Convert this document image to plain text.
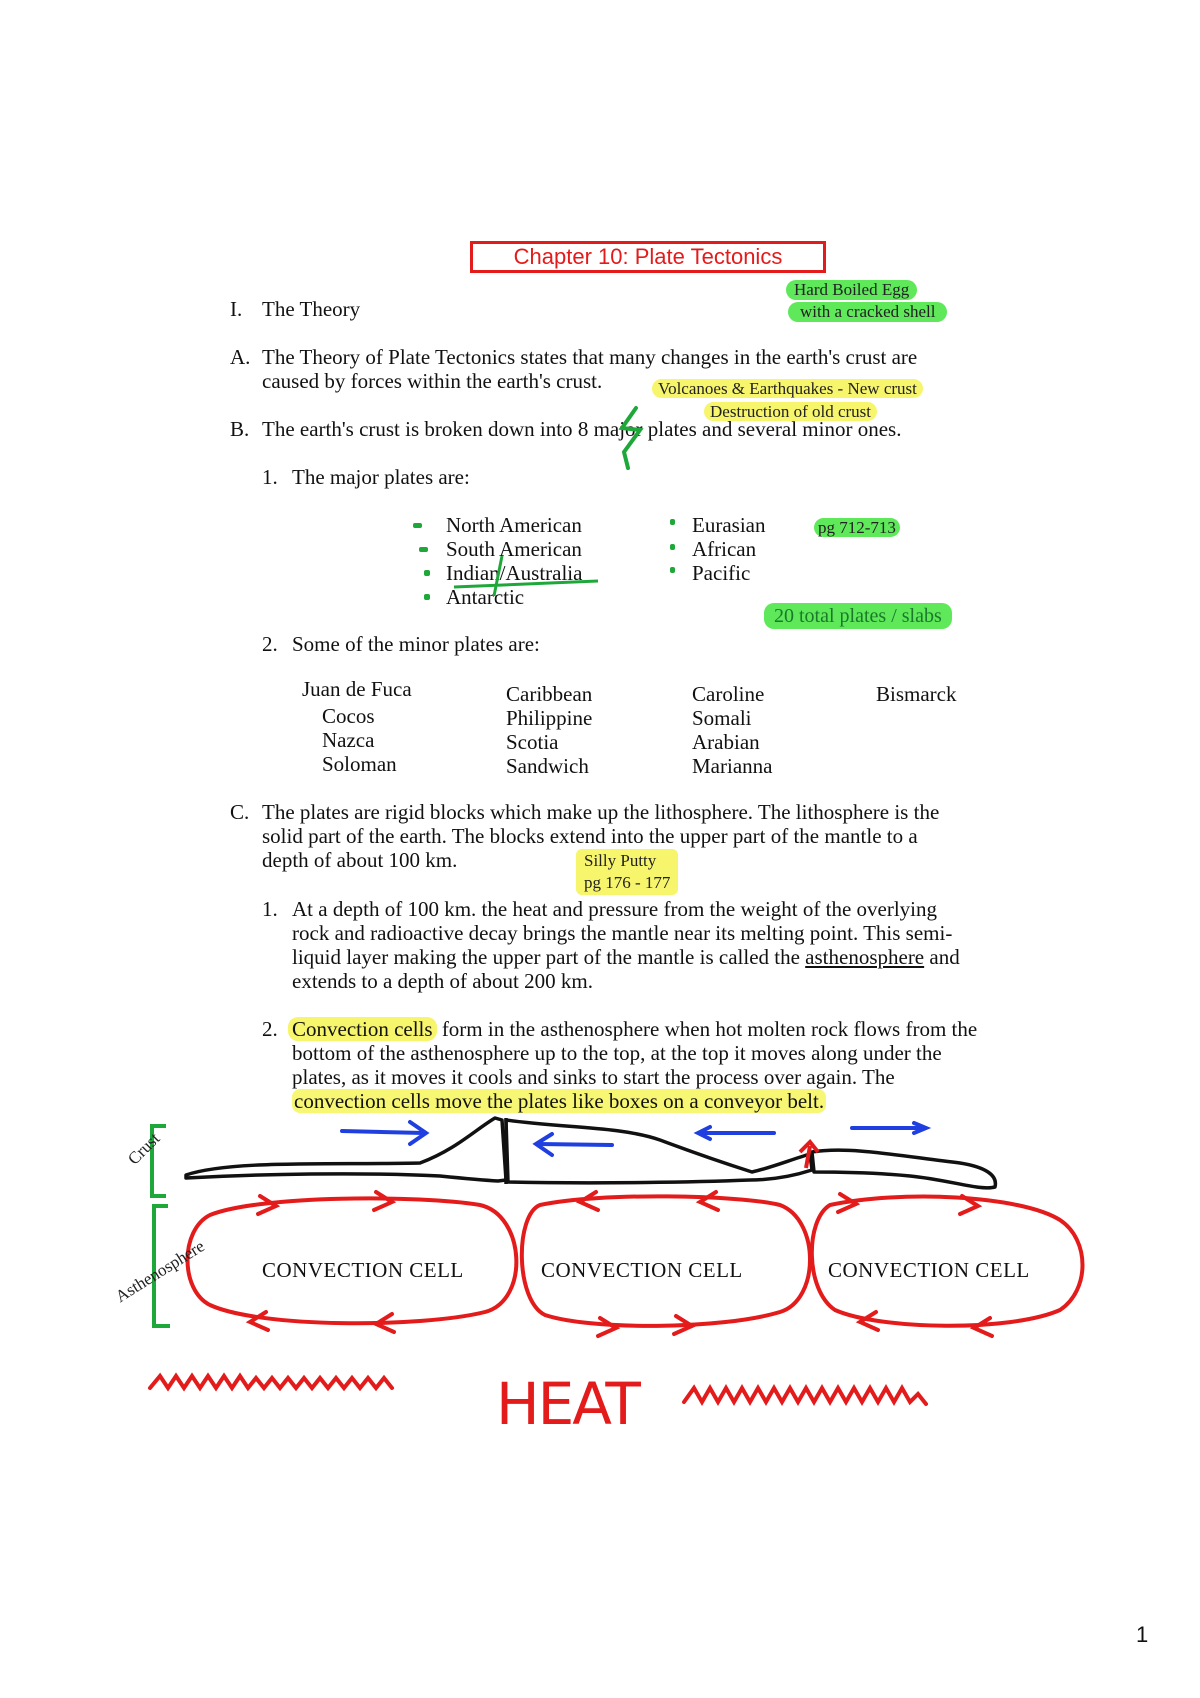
Chapter 10: Plate Tectonics
I. The Theory
Hard Boiled Egg
with a cracked shell
A. The Theory of Plate Tectonics states that many changes in the earth's crust are
caused by forces within the earth's crust.	Volcanoes & Earthquakes - New crust
Destruction of old crust
B. The earth's crust is broken down into 8 major plates and several minor ones.
1. The major plates are:
North American
South American
Indian/Australia
Antarctic
Eurasian
African
Pacific
pg 712-713
20 total plates / slabs
2. Some of the minor plates are:
Juan de Fuca
Cocos
Nazca
Soloman
Caribbean
Philippine
Scotia
Sandwich
Caroline
Somali
Arabian
Marianna
Bismarck
C. The plates are rigid blocks which make up the lithosphere. The lithosphere is the
solid part of the earth. The blocks extend into the upper part of the mantle to a
depth of about 100 km.	Silly Putty
pg 176 - 177
1. At a depth of 100 km. the heat and pressure from the weight of the overlying
rock and radioactive decay brings the mantle near its melting point. This semi-
liquid layer making the upper part of the mantle is called the asthenosphere and
extends to a depth of about 200 km.
2. Convection cells form in the asthenosphere when hot molten rock flows from the
bottom of the asthenosphere up to the top, at the top it moves along under the
plates, as it moves it cools and sinks to start the process over again. The
convection cells move the plates like boxes on a conveyor belt.
CONVECTION CELL	CONVECTION CELL	CONVECTION CELL
Crust
Asthenosphere
HEAT
1
